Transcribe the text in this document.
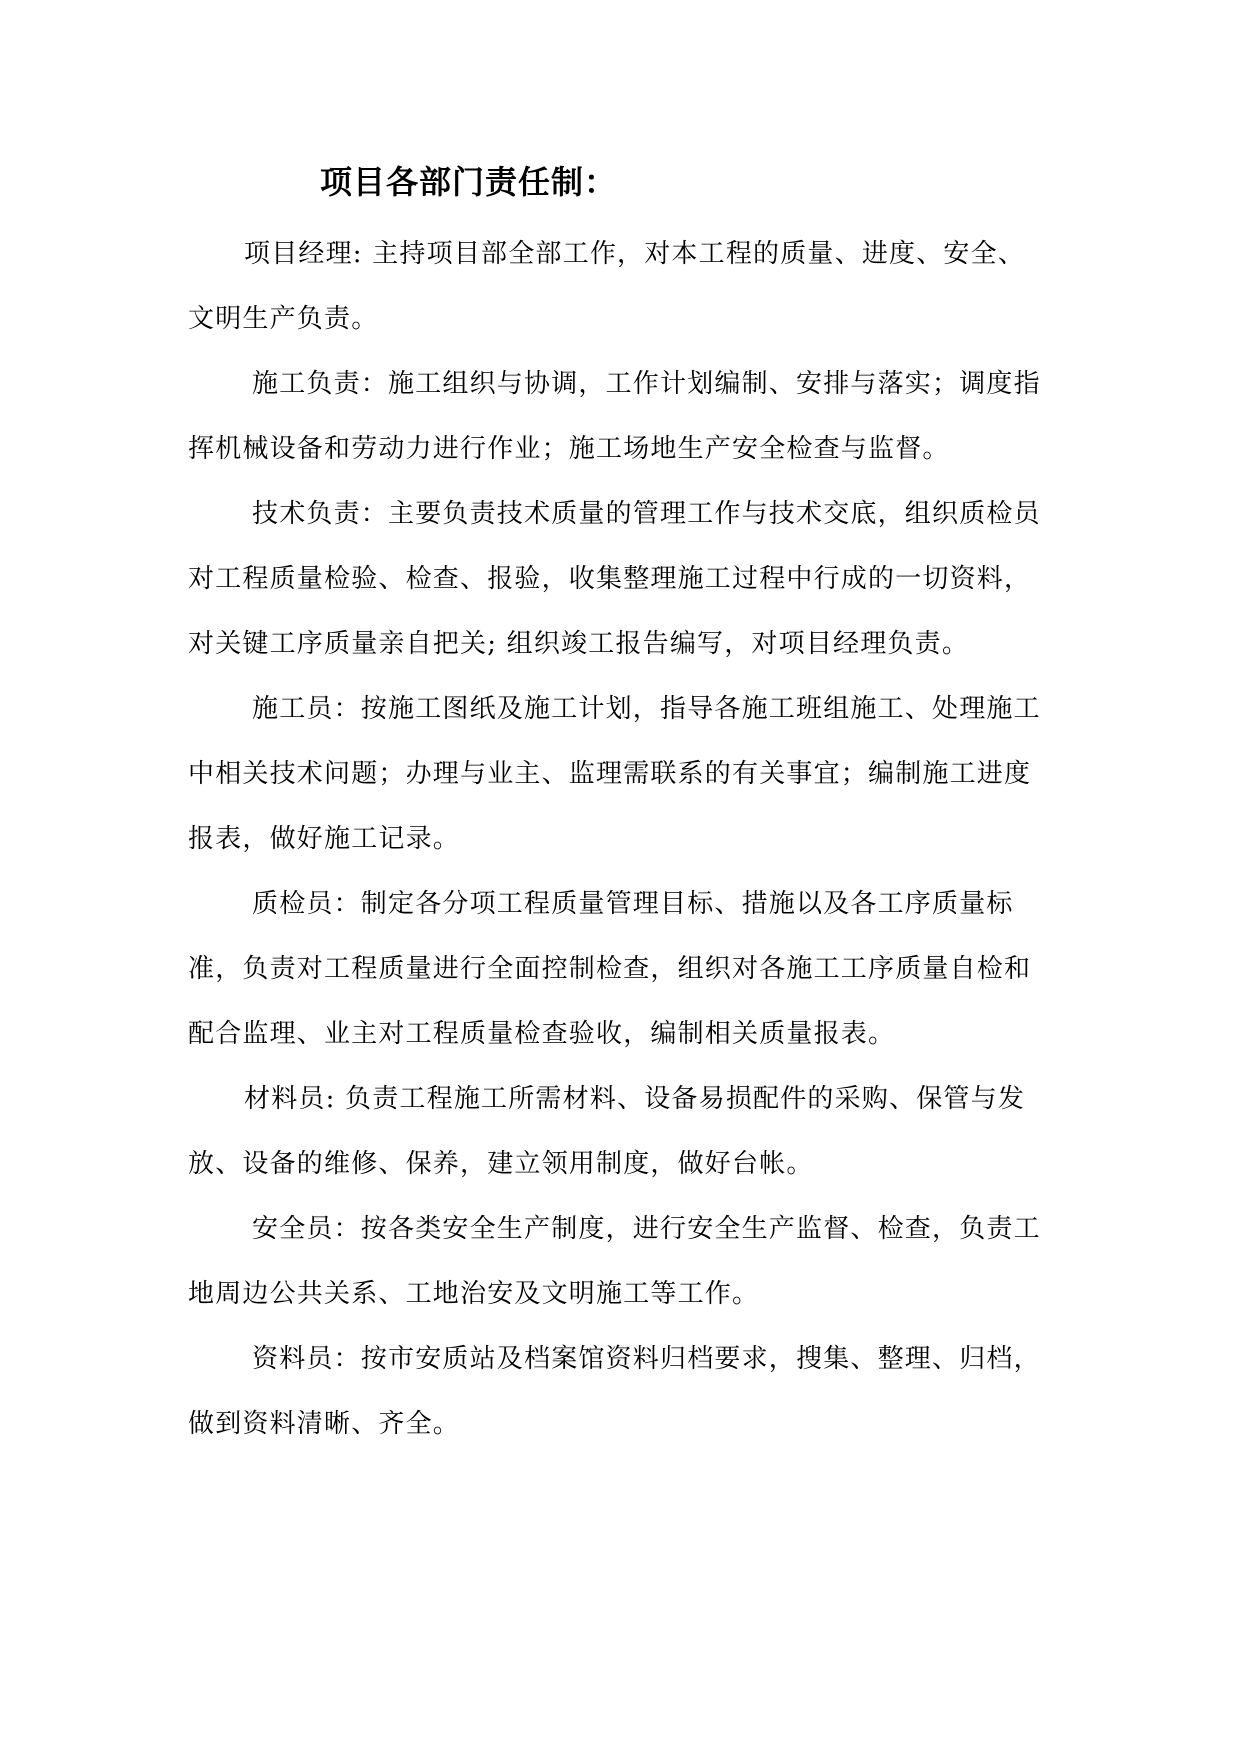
项目各部门责任制：

项目经理: 主持项目部全部工作，对本工程的质量、进度、安全、文明生产负责。

施工负责：施工组织与协调，工作计划编制、安排与落实；调度指挥机械设备和劳动力进行作业；施工场地生产安全检查与监督。

技术负责：主要负责技术质量的管理工作与技术交底，组织质检员对工程质量检验、检查、报验，收集整理施工过程中行成的一切资料，对关键工序质量亲自把关; 组织竣工报告编写，对项目经理负责。

施工员：按施工图纸及施工计划，指导各施工班组施工、处理施工中相关技术问题；办理与业主、监理需联系的有关事宜；编制施工进度报表，做好施工记录。

质检员：制定各分项工程质量管理目标、措施以及各工序质量标准，负责对工程质量进行全面控制检查，组织对各施工工序质量自检和配合监理、业主对工程质量检查验收，编制相关质量报表。

材料员: 负责工程施工所需材料、设备易损配件的采购、保管与发放、设备的维修、保养，建立领用制度，做好台帐。

安全员：按各类安全生产制度，进行安全生产监督、检查，负责工地周边公共关系、工地治安及文明施工等工作。

资料员：按市安质站及档案馆资料归档要求，搜集、整理、归档，做到资料清晰、齐全。
